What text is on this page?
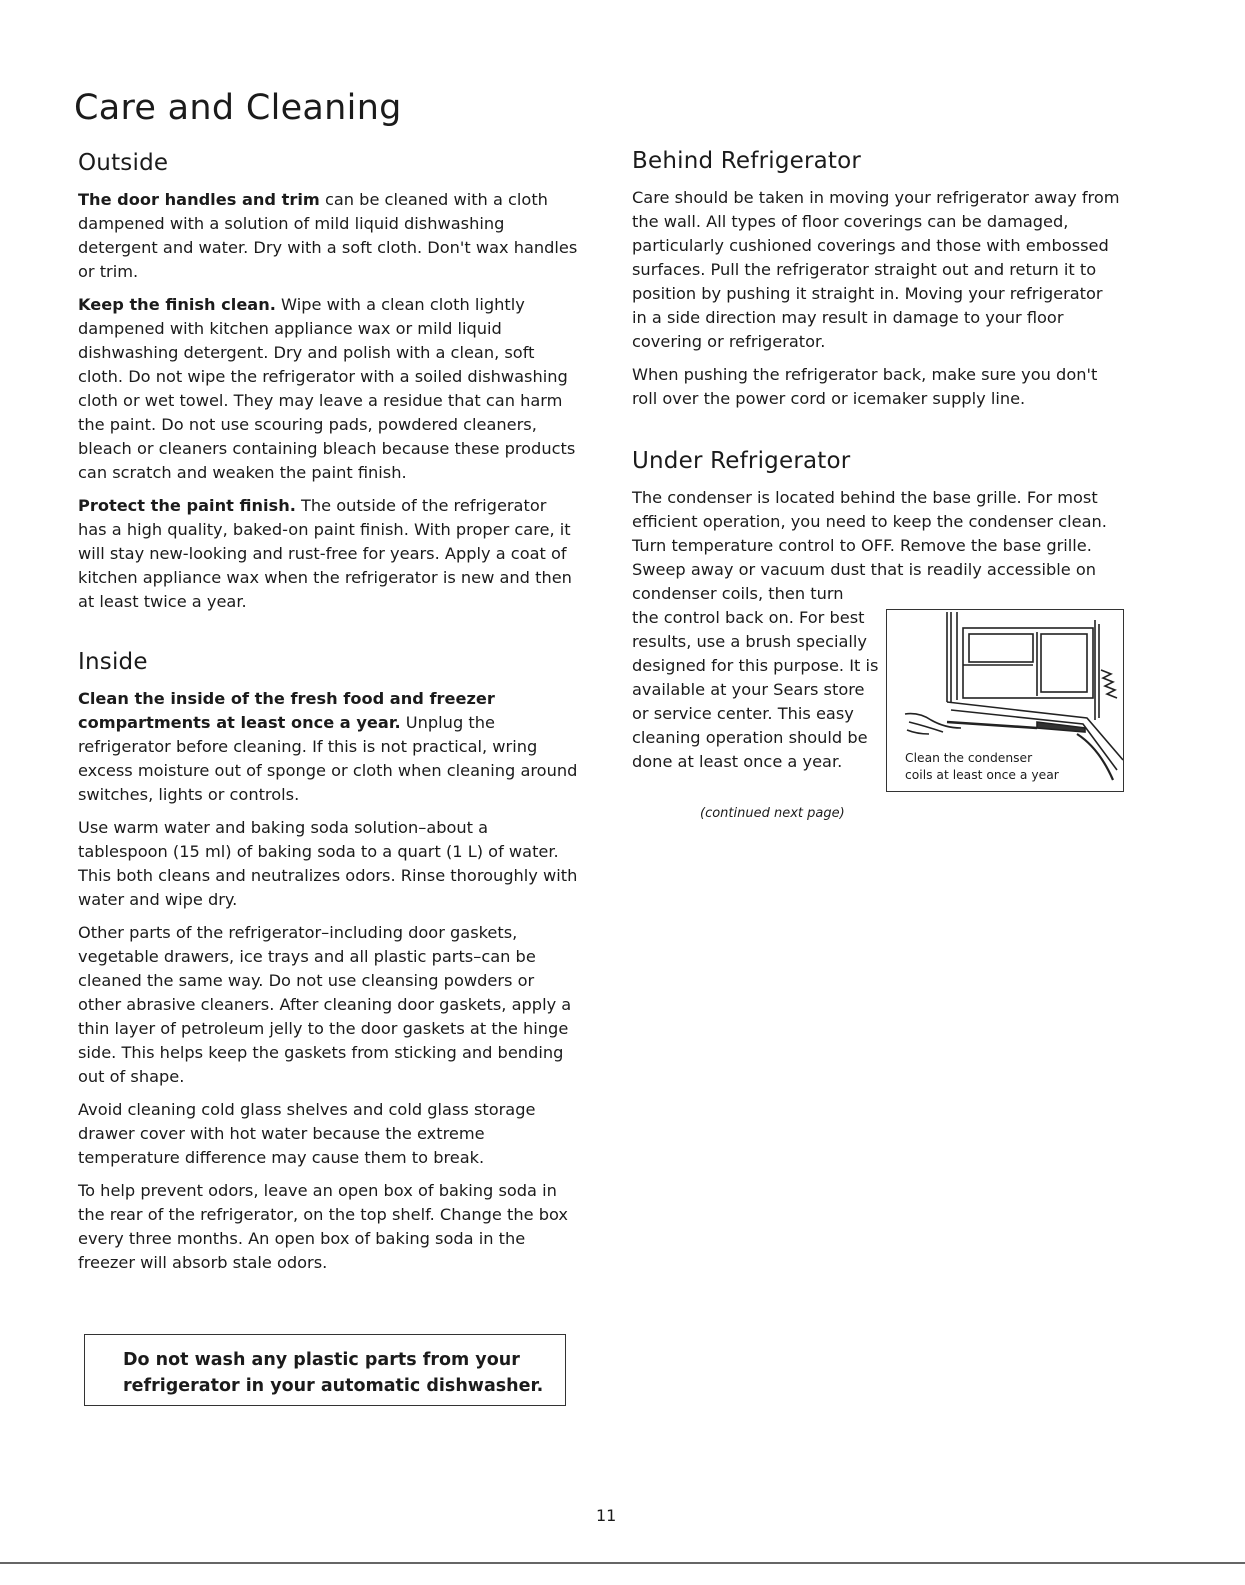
Care and Cleaning
Outside

The door handles and trim can be cleaned with a cloth dampened with a solution of mild liquid dishwashing detergent and water. Dry with a soft cloth. Don't wax handles or trim.

Keep the finish clean. Wipe with a clean cloth lightly dampened with kitchen appliance wax or mild liquid dishwashing detergent. Dry and polish with a clean, soft cloth. Do not wipe the refrigerator with a soiled dishwashing cloth or wet towel. They may leave a residue that can harm the paint. Do not use scouring pads, powdered cleaners, bleach or cleaners containing bleach because these products can scratch and weaken the paint finish.

Protect the paint finish. The outside of the refrigerator has a high quality, baked-on paint finish. With proper care, it will stay new-looking and rust-free for years. Apply a coat of kitchen appliance wax when the refrigerator is new and then at least twice a year.

Inside

Clean the inside of the fresh food and freezer compartments at least once a year. Unplug the refrigerator before cleaning. If this is not practical, wring excess moisture out of sponge or cloth when cleaning around switches, lights or controls.

Use warm water and baking soda solution–about a tablespoon (15 ml) of baking soda to a quart (1 L) of water. This both cleans and neutralizes odors. Rinse thoroughly with water and wipe dry.

Other parts of the refrigerator–including door gaskets, vegetable drawers, ice trays and all plastic parts–can be cleaned the same way. Do not use cleansing powders or other abrasive cleaners. After cleaning door gaskets, apply a thin layer of petroleum jelly to the door gaskets at the hinge side. This helps keep the gaskets from sticking and bending out of shape.

Avoid cleaning cold glass shelves and cold glass storage drawer cover with hot water because the extreme temperature difference may cause them to break.

To help prevent odors, leave an open box of baking soda in the rear of the refrigerator, on the top shelf. Change the box every three months. An open box of baking soda in the freezer will absorb stale odors.

Do not wash any plastic parts from your refrigerator in your automatic dishwasher.

Behind Refrigerator

Care should be taken in moving your refrigerator away from the wall. All types of floor coverings can be damaged, particularly cushioned coverings and those with embossed surfaces. Pull the refrigerator straight out and return it to position by pushing it straight in. Moving your refrigerator in a side direction may result in damage to your floor covering or refrigerator.

When pushing the refrigerator back, make sure you don't roll over the power cord or icemaker supply line.

Under Refrigerator

The condenser is located behind the base grille. For most efficient operation, you need to keep the condenser clean. Turn temperature control to OFF. Remove the base grille. Sweep away or vacuum dust that is readily accessible on condenser coils, then turn

the control back on. For best results, use a brush specially designed for this purpose. It is available at your Sears store or service center. This easy cleaning operation should be done at least once a year.	Clean the condenser
coils at least once a year
(continued next page)
11
